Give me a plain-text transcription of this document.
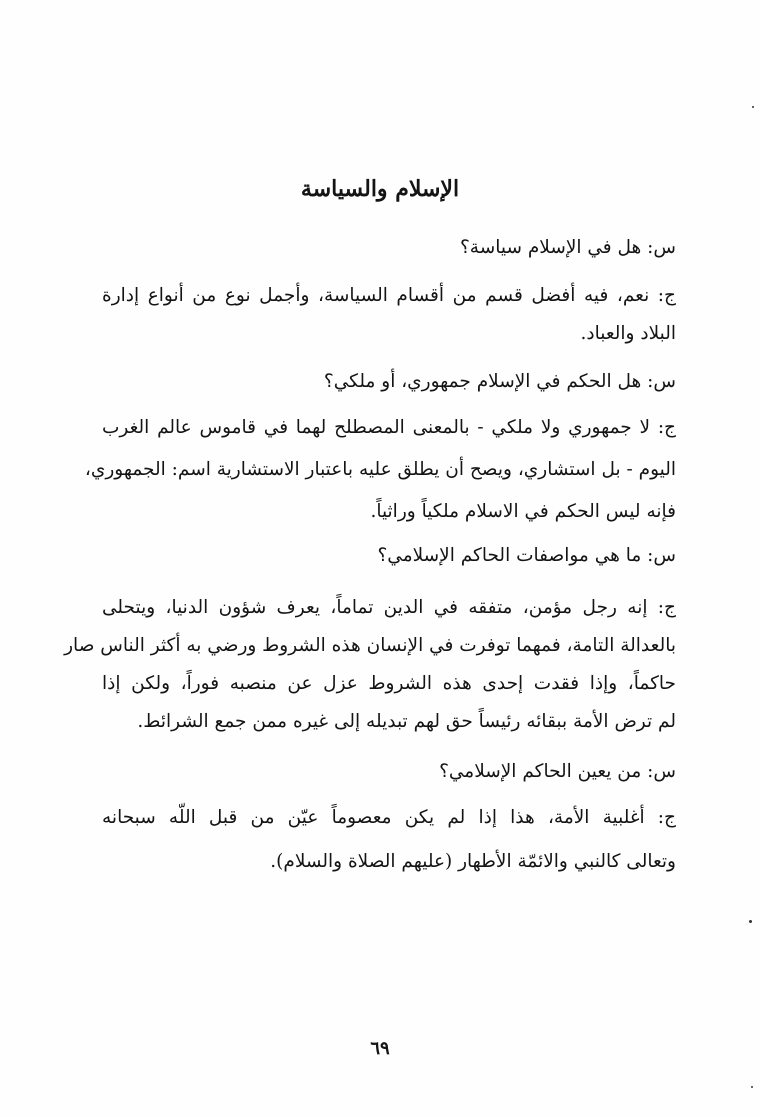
الإسلام والسياسة
س: هل في الإسلام سياسة؟
ج: نعم، فيه أفضل قسم من أقسام السياسة، وأجمل نوع من أنواع إدارة
البلاد والعباد.
س: هل الحكم في الإسلام جمهوري، أو ملكي؟
ج: لا جمهوري ولا ملكي - بالمعنى المصطلح لهما في قاموس عالم الغرب
اليوم - بل استشاري، ويصح أن يطلق عليه باعتبار الاستشارية اسم: الجمهوري،
فإنه ليس الحكم في الاسلام ملكياً وراثياً.
س: ما هي مواصفات الحاكم الإسلامي؟
ج: إنه رجل مؤمن، متفقه في الدين تماماً، يعرف شؤون الدنيا، ويتحلى
بالعدالة التامة، فمهما توفرت في الإنسان هذه الشروط ورضي به أكثر الناس صار
حاكماً، وإذا فقدت إحدى هذه الشروط عزل عن منصبه فوراً، ولكن إذا
لم ترض الأمة ببقائه رئيساً حق لهم تبديله إلى غيره ممن جمع الشرائط.
س: من يعين الحاكم الإسلامي؟
ج: أغلبية الأمة، هذا إذا لم يكن معصوماً عيّن من قبل اللّه سبحانه
وتعالى كالنبي والائمّة الأطهار (عليهم الصلاة والسلام).
٦٩
